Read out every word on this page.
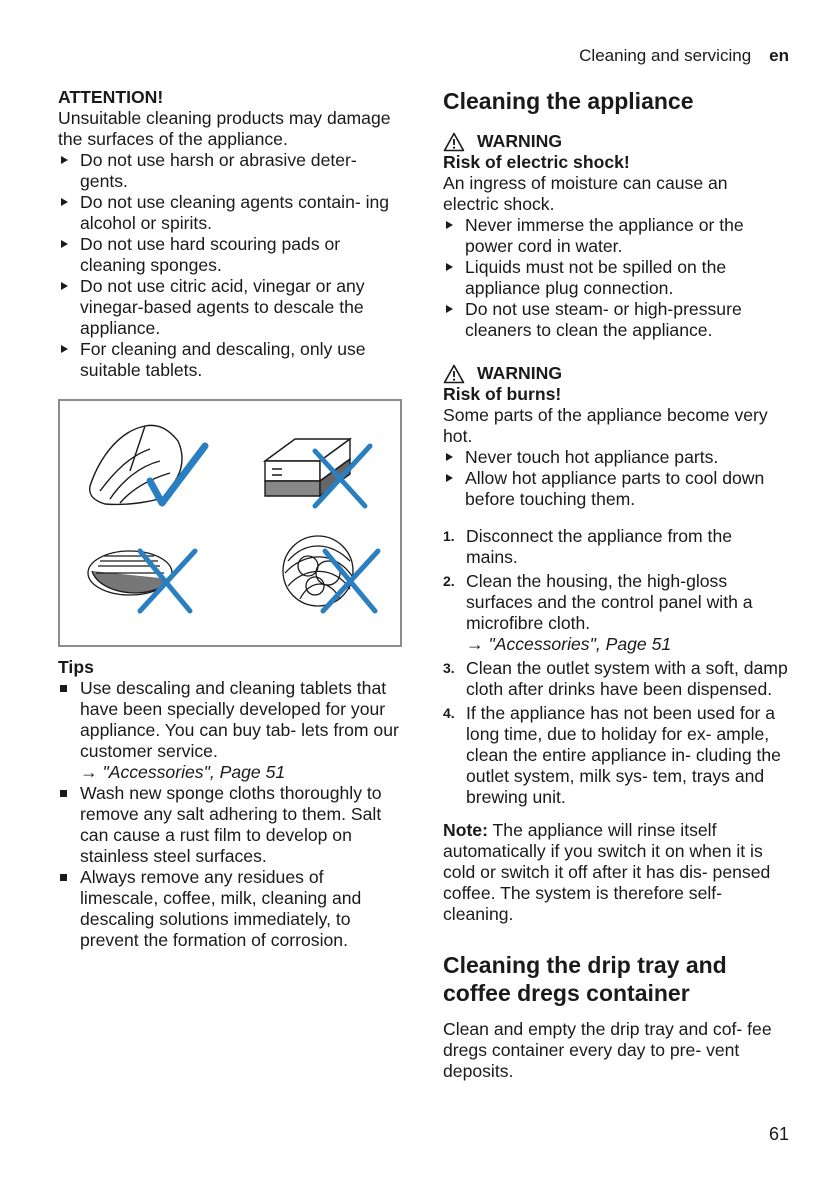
Cleaning and servicing en
ATTENTION!
Unsuitable cleaning products may damage the surfaces of the appliance.
Do not use harsh or abrasive deter- gents.
Do not use cleaning agents contain- ing alcohol or spirits.
Do not use hard scouring pads or cleaning sponges.
Do not use citric acid, vinegar or any vinegar-based agents to descale the appliance.
For cleaning and descaling, only use suitable tablets.
Tips
Use descaling and cleaning tablets that have been specially developed for your appliance. You can buy tab- lets from our customer service.
→ "Accessories", Page 51
Wash new sponge cloths thoroughly to remove any salt adhering to them. Salt can cause a rust film to develop on stainless steel surfaces.
Always remove any residues of limescale, coffee, milk, cleaning and descaling solutions immediately, to prevent the formation of corrosion.
Cleaning the appliance
WARNING
Risk of electric shock!
An ingress of moisture can cause an electric shock.
Never immerse the appliance or the power cord in water.
Liquids must not be spilled on the appliance plug connection.
Do not use steam- or high-pressure cleaners to clean the appliance.
WARNING
Risk of burns!
Some parts of the appliance become very hot.
Never touch hot appliance parts.
Allow hot appliance parts to cool down before touching them.
1. Disconnect the appliance from the mains.
2. Clean the housing, the high-gloss surfaces and the control panel with a microfibre cloth.
→ "Accessories", Page 51
3. Clean the outlet system with a soft, damp cloth after drinks have been dispensed.
4. If the appliance has not been used for a long time, due to holiday for ex- ample, clean the entire appliance in- cluding the outlet system, milk sys- tem, trays and brewing unit.
Note: The appliance will rinse itself automatically if you switch it on when it is cold or switch it off after it has dis- pensed coffee. The system is therefore self-cleaning.
Cleaning the drip tray and coffee dregs container
Clean and empty the drip tray and cof- fee dregs container every day to pre- vent deposits.
61
